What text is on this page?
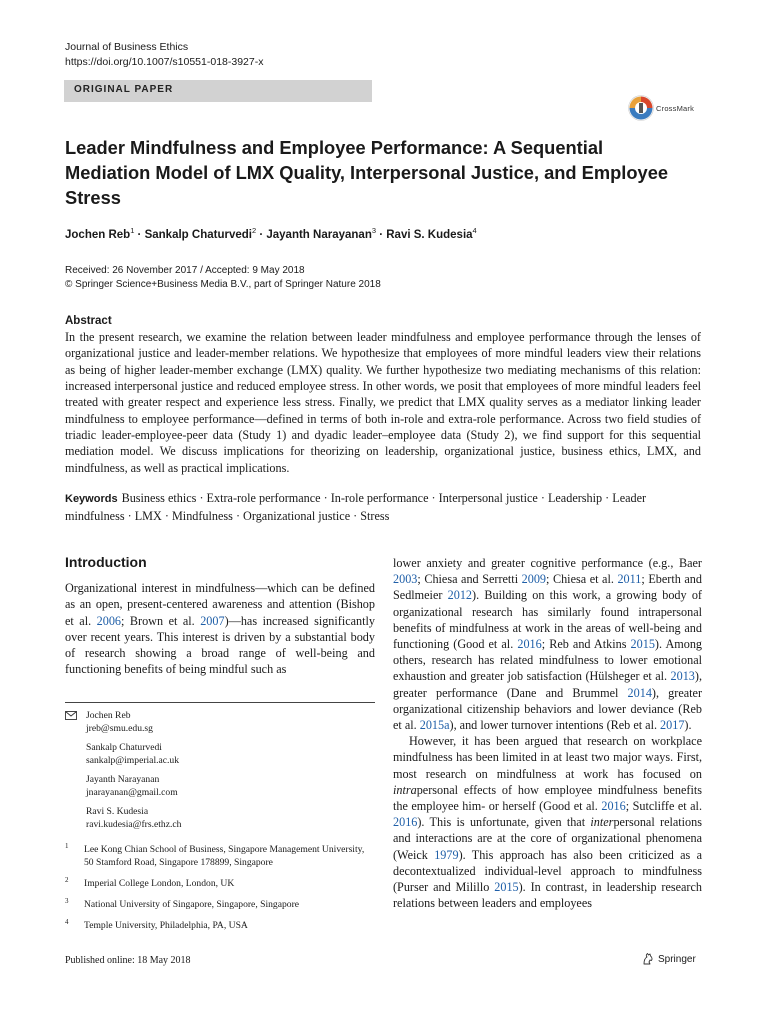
Journal of Business Ethics
https://doi.org/10.1007/s10551-018-3927-x
ORIGINAL PAPER
CrossMark
Leader Mindfulness and Employee Performance: A Sequential Mediation Model of LMX Quality, Interpersonal Justice, and Employee Stress
Jochen Reb$^1$ · Sankalp Chaturvedi$^2$ · Jayanth Narayanan$^3$ · Ravi S. Kudesia$^4$
Received: 26 November 2017 / Accepted: 9 May 2018
© Springer Science+Business Media B.V., part of Springer Nature 2018
Abstract

In the present research, we examine the relation between leader mindfulness and employee performance through the lenses of organizational justice and leader-member relations. We hypothesize that employees of more mindful leaders view their relations as being of higher leader-member exchange (LMX) quality. We further hypothesize two mediating mechanisms of this relation: increased interpersonal justice and reduced employee stress. In other words, we posit that employees of more mindful leaders feel treated with greater respect and experience less stress. Finally, we predict that LMX quality serves as a mediator linking leader mindfulness to employee performance—defined in terms of both in-role and extra-role performance. Across two field studies of triadic leader-employee-peer data (Study 1) and dyadic leader–employee data (Study 2), we find support for this sequential mediation model. We discuss implications for theorizing on leadership, organizational justice, business ethics, LMX, and mindfulness, as well as practical implications.

Keywords Business ethics · Extra-role performance · In-role performance · Interpersonal justice · Leadership · Leader mindfulness · LMX · Mindfulness · Organizational justice · Stress
Introduction

Organizational interest in mindfulness—which can be defined as an open, present-centered awareness and attention (Bishop et al. 2006; Brown et al. 2007)—has increased significantly over recent years. This interest is driven by a substantial body of research showing a broad range of well-being and functioning benefits of being mindful such as

lower anxiety and greater cognitive performance (e.g., Baer 2003; Chiesa and Serretti 2009; Chiesa et al. 2011; Eberth and Sedlmeier 2012). Building on this work, a growing body of organizational research has similarly found intrapersonal benefits of mindfulness at work in the areas of well-being and functioning (Good et al. 2016; Reb and Atkins 2015). Among others, research has related mindfulness to lower emotional exhaustion and greater job satisfaction (Hülsheger et al. 2013), greater performance (Dane and Brummel 2014), greater organizational citizenship behaviors and lower deviance (Reb et al. 2015a), and lower turnover intentions (Reb et al. 2017).

However, it has been argued that research on workplace mindfulness has been limited in at least two major ways. First, most research on mindfulness at work has focused on intrapersonal effects of how employee mindfulness benefits the employee him- or herself (Good et al. 2016; Sutcliffe et al. 2016). This is unfortunate, given that interpersonal relations and interactions are at the core of organizational phenomena (Weick 1979). This approach has also been criticized as a decontextualized individual-level approach to mindfulness (Purser and Milillo 2015). In contrast, in leadership research relations between leaders and employees

Jochen Reb
jreb@smu.edu.sg
Sankalp Chaturvedi
sankalp@imperial.ac.uk
Jayanth Narayanan
jnarayanan@gmail.com
Ravi S. Kudesia
ravi.kudesia@frs.ethz.ch
1 Lee Kong Chian School of Business, Singapore Management University, 50 Stamford Road, Singapore 178899, Singapore
2 Imperial College London, London, UK
3 National University of Singapore, Singapore, Singapore
4 Temple University, Philadelphia, PA, USA
Published online: 18 May 2018	Springer
